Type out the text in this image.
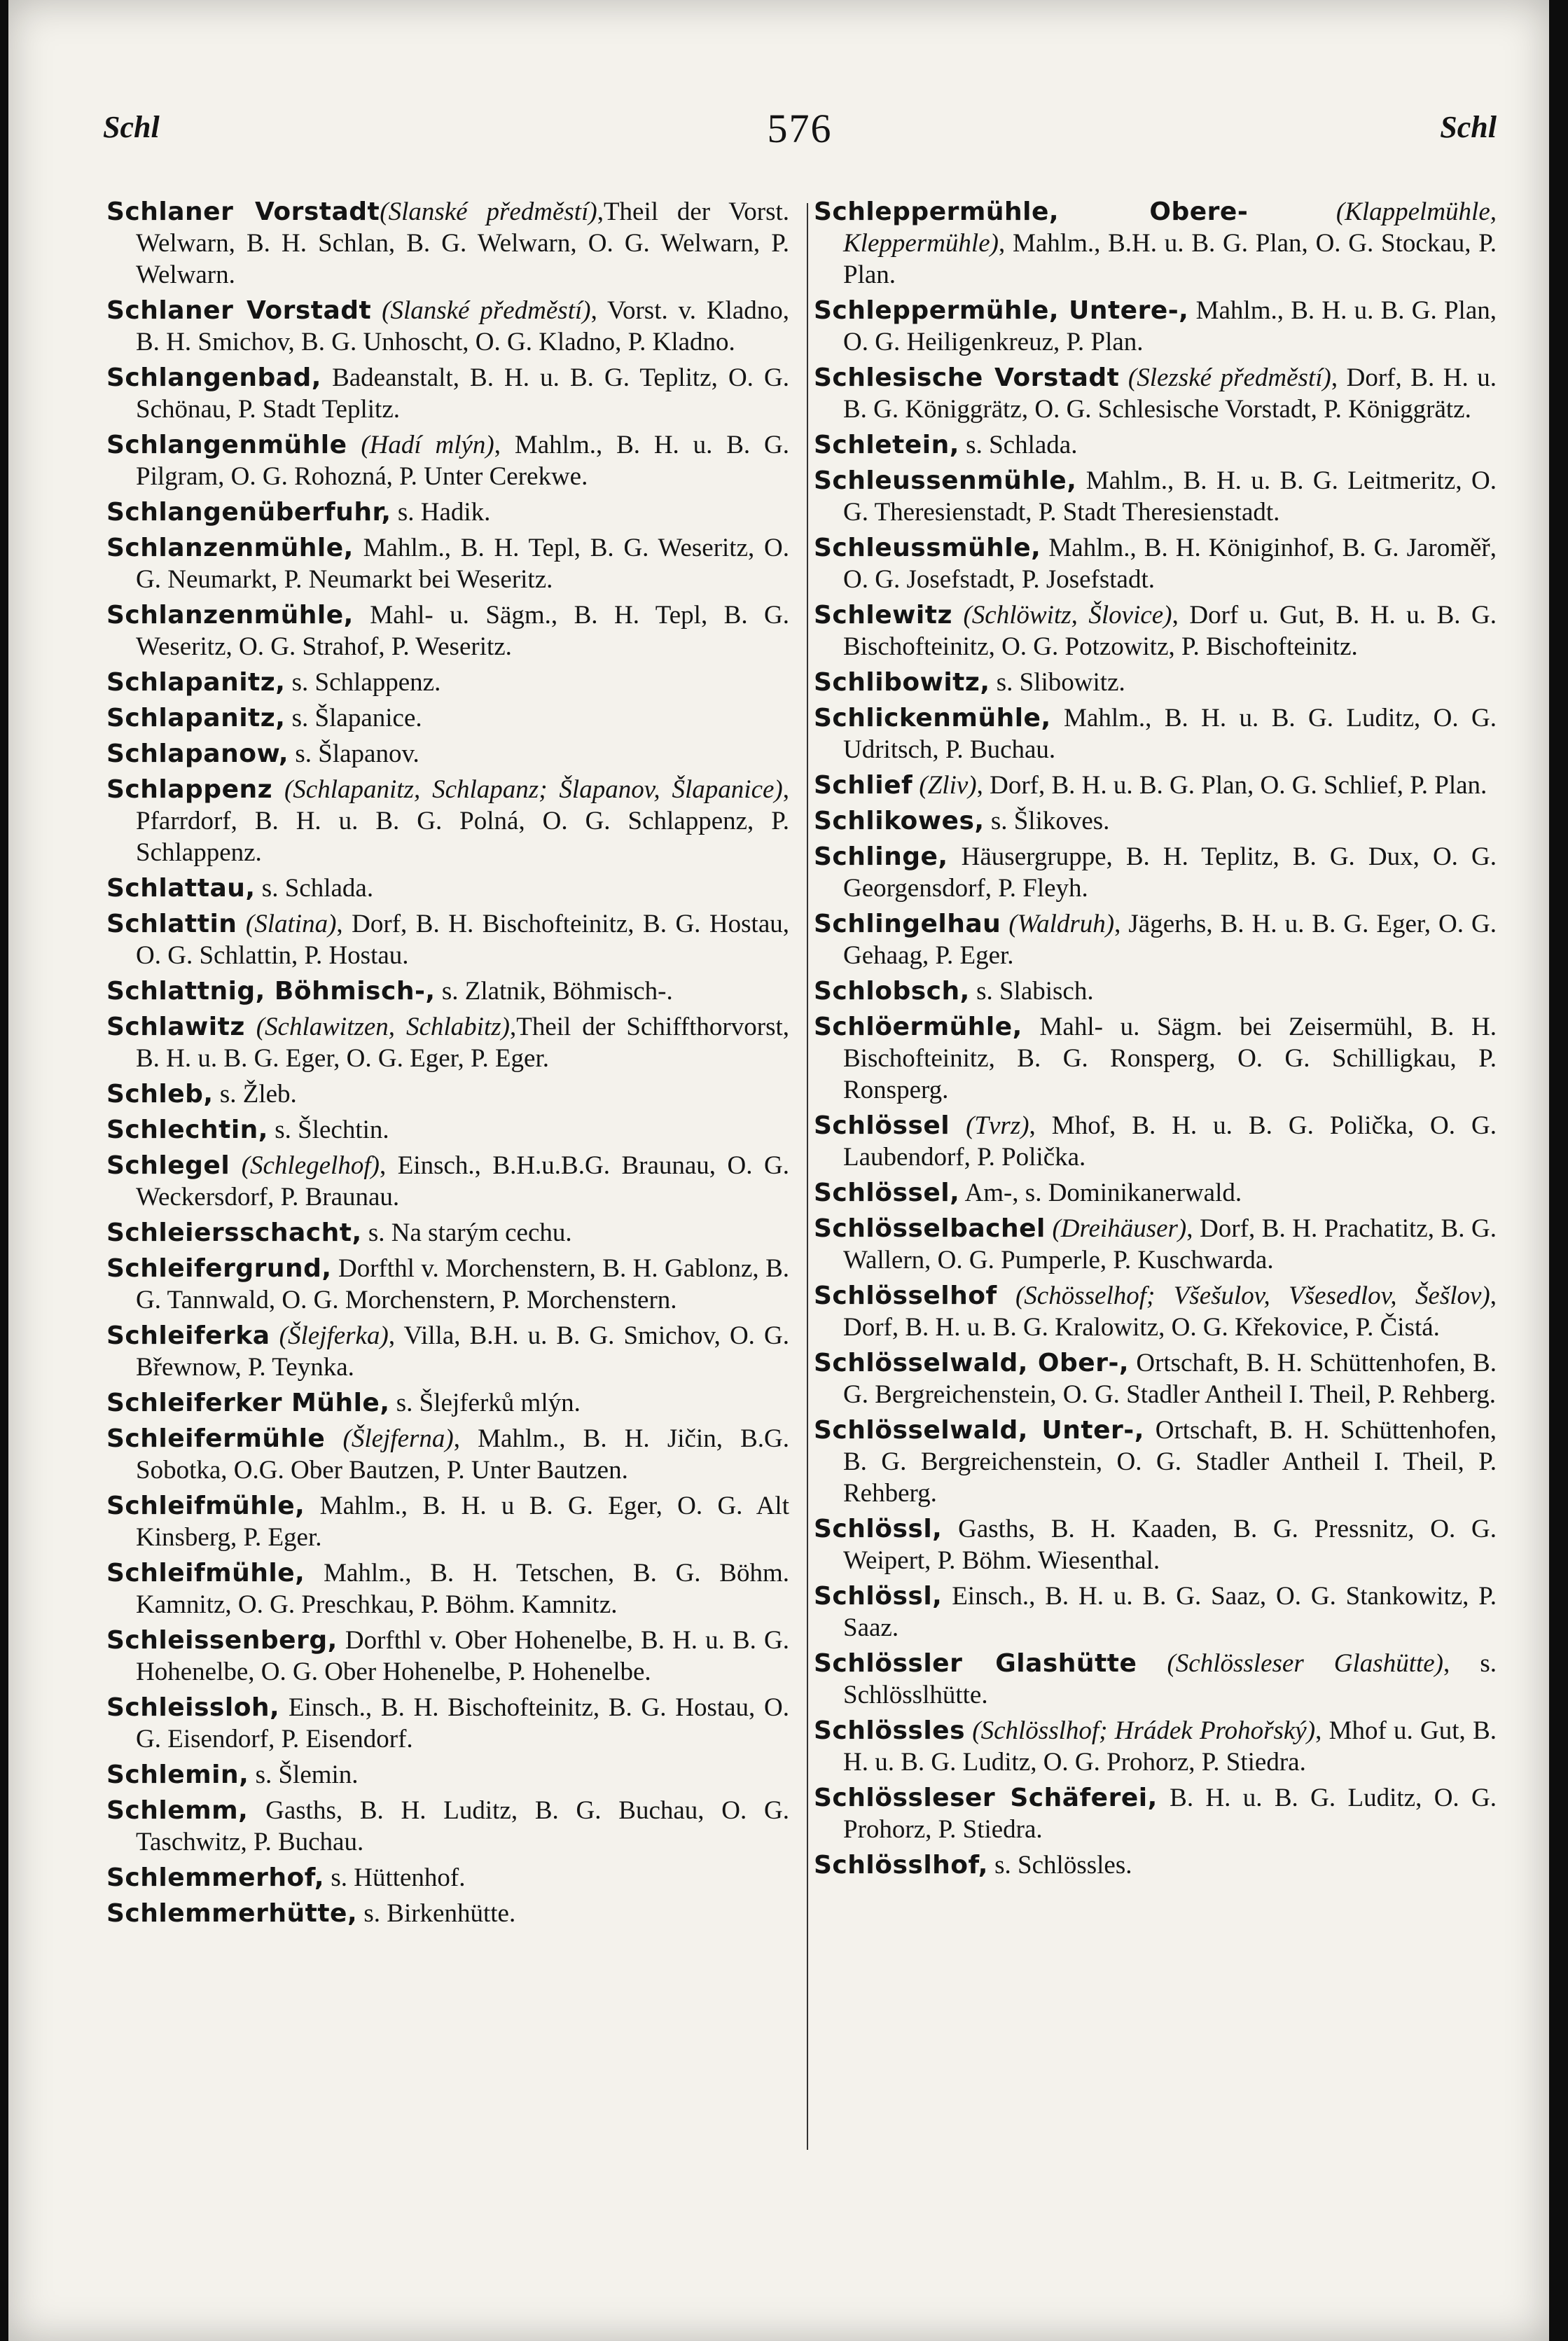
Schl	576	Schl
Schlaner Vorstadt(Slanské předměstí),Theil der Vorst. Welwarn, B. H. Schlan, B. G. Welwarn, O. G. Welwarn, P. Welwarn.
Schlaner Vorstadt (Slanské předměstí), Vorst. v. Kladno, B. H. Smichov, B. G. Unhoscht, O. G. Kladno, P. Kladno.
Schlangenbad, Badeanstalt, B. H. u. B. G. Teplitz, O. G. Schönau, P. Stadt Teplitz.
Schlangenmühle (Hadí mlýn), Mahlm., B. H. u. B. G. Pilgram, O. G. Rohozná, P. Unter Cerekwe.
Schlangenüberfuhr, s. Hadik.
Schlanzenmühle, Mahlm., B. H. Tepl, B. G. Weseritz, O. G. Neumarkt, P. Neumarkt bei Weseritz.
Schlanzenmühle, Mahl- u. Sägm., B. H. Tepl, B. G. Weseritz, O. G. Strahof, P. Weseritz.
Schlapanitz, s. Schlappenz.
Schlapanitz, s. Šlapanice.
Schlapanow, s. Šlapanov.
Schlappenz (Schlapanitz, Schlapanz; Šlapanov, Šlapanice), Pfarrdorf, B. H. u. B. G. Polná, O. G. Schlappenz, P. Schlappenz.
Schlattau, s. Schlada.
Schlattin (Slatina), Dorf, B. H. Bischofteinitz, B. G. Hostau, O. G. Schlattin, P. Hostau.
Schlattnig, Böhmisch-, s. Zlatnik, Böhmisch-.
Schlawitz (Schlawitzen, Schlabitz),Theil der Schiffthorvorst, B. H. u. B. G. Eger, O. G. Eger, P. Eger.
Schleb, s. Žleb.
Schlechtin, s. Šlechtin.
Schlegel (Schlegelhof), Einsch., B.H.u.B.G. Braunau, O. G. Weckersdorf, P. Braunau.
Schleiersschacht, s. Na starým cechu.
Schleifergrund, Dorfthl v. Morchenstern, B. H. Gablonz, B. G. Tannwald, O. G. Morchenstern, P. Morchenstern.
Schleiferka (Šlejferka), Villa, B.H. u. B. G. Smichov, O. G. Břewnow, P. Teynka.
Schleiferker Mühle, s. Šlejferků mlýn.
Schleifermühle (Šlejferna), Mahlm., B. H. Jičin, B.G. Sobotka, O.G. Ober Bautzen, P. Unter Bautzen.
Schleifmühle, Mahlm., B. H. u B. G. Eger, O. G. Alt Kinsberg, P. Eger.
Schleifmühle, Mahlm., B. H. Tetschen, B. G. Böhm. Kamnitz, O. G. Preschkau, P. Böhm. Kamnitz.
Schleissenberg, Dorfthl v. Ober Hohenelbe, B. H. u. B. G. Hohenelbe, O. G. Ober Hohenelbe, P. Hohenelbe.
Schleissloh, Einsch., B. H. Bischofteinitz, B. G. Hostau, O. G. Eisendorf, P. Eisendorf.
Schlemin, s. Šlemin.
Schlemm, Gasths, B. H. Luditz, B. G. Buchau, O. G. Taschwitz, P. Buchau.
Schlemmerhof, s. Hüttenhof.
Schlemmerhütte, s. Birkenhütte.
Schleppermühle, Obere- (Klappelmühle, Kleppermühle), Mahlm., B.H. u. B. G. Plan, O. G. Stockau, P. Plan.
Schleppermühle, Untere-, Mahlm., B. H. u. B. G. Plan, O. G. Heiligenkreuz, P. Plan.
Schlesische Vorstadt (Slezské předměstí), Dorf, B. H. u. B. G. Königgrätz, O. G. Schlesische Vorstadt, P. Königgrätz.
Schletein, s. Schlada.
Schleussenmühle, Mahlm., B. H. u. B. G. Leitmeritz, O. G. Theresienstadt, P. Stadt Theresienstadt.
Schleussmühle, Mahlm., B. H. Königinhof, B. G. Jaroměř, O. G. Josefstadt, P. Josefstadt.
Schlewitz (Schlöwitz, Šlovice), Dorf u. Gut, B. H. u. B. G. Bischofteinitz, O. G. Potzowitz, P. Bischofteinitz.
Schlibowitz, s. Slibowitz.
Schlickenmühle, Mahlm., B. H. u. B. G. Luditz, O. G. Udritsch, P. Buchau.
Schlief (Zliv), Dorf, B. H. u. B. G. Plan, O. G. Schlief, P. Plan.
Schlikowes, s. Šlikoves.
Schlinge, Häusergruppe, B. H. Teplitz, B. G. Dux, O. G. Georgensdorf, P. Fleyh.
Schlingelhau (Waldruh), Jägerhs, B. H. u. B. G. Eger, O. G. Gehaag, P. Eger.
Schlobsch, s. Slabisch.
Schlöermühle, Mahl- u. Sägm. bei Zeisermühl, B. H. Bischofteinitz, B. G. Ronsperg, O. G. Schilligkau, P. Ronsperg.
Schlössel (Tvrz), Mhof, B. H. u. B. G. Polička, O. G. Laubendorf, P. Polička.
Schlössel, Am-, s. Dominikanerwald.
Schlösselbachel (Dreihäuser), Dorf, B. H. Prachatitz, B. G. Wallern, O. G. Pumperle, P. Kuschwarda.
Schlösselhof (Schösselhof; Všešulov, Všesedlov, Šešlov), Dorf, B. H. u. B. G. Kralowitz, O. G. Křekovice, P. Čistá.
Schlösselwald, Ober-, Ortschaft, B. H. Schüttenhofen, B. G. Bergreichenstein, O. G. Stadler Antheil I. Theil, P. Rehberg.
Schlösselwald, Unter-, Ortschaft, B. H. Schüttenhofen, B. G. Bergreichenstein, O. G. Stadler Antheil I. Theil, P. Rehberg.
Schlössl, Gasths, B. H. Kaaden, B. G. Pressnitz, O. G. Weipert, P. Böhm. Wiesenthal.
Schlössl, Einsch., B. H. u. B. G. Saaz, O. G. Stankowitz, P. Saaz.
Schlössler Glashütte (Schlössleser Glashütte), s. Schlösslhütte.
Schlössles (Schlösslhof; Hrádek Prohořský), Mhof u. Gut, B. H. u. B. G. Luditz, O. G. Prohorz, P. Stiedra.
Schlössleser Schäferei, B. H. u. B. G. Luditz, O. G. Prohorz, P. Stiedra.
Schlösslhof, s. Schlössles.
